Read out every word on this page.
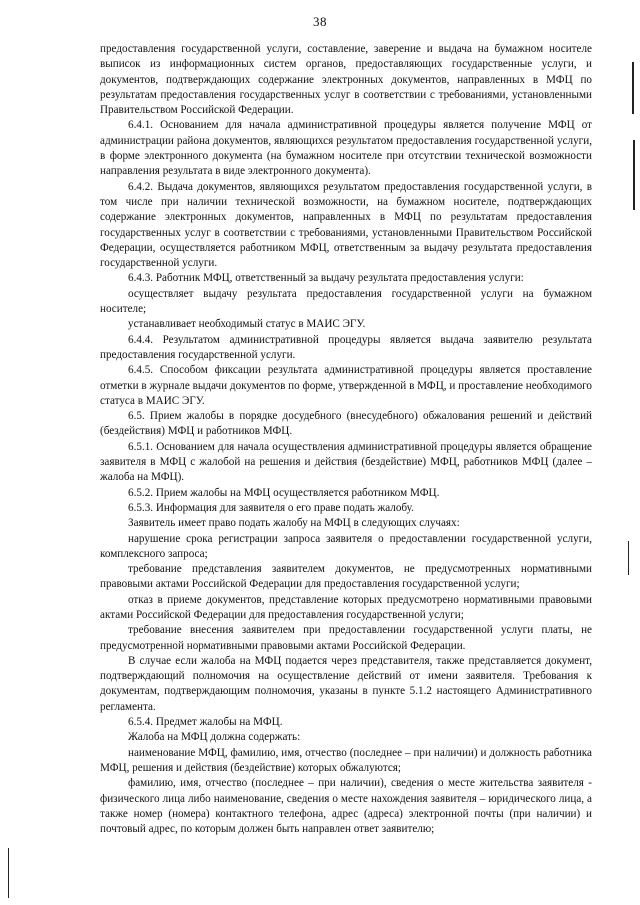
38

предоставления государственной услуги, составление, заверение и выдача на бумажном носителе выписок из информационных систем органов, предоставляющих государственные услуги, и документов, подтверждающих содержание электронных документов, направленных в МФЦ по результатам предоставления государственных услуг в соответствии с требованиями, установленными Правительством Российской Федерации.

6.4.1. Основанием для начала административной процедуры является получение МФЦ от администрации района документов, являющихся результатом предоставления государственной услуги, в форме электронного документа (на бумажном носителе при отсутствии технической возможности направления результата в виде электронного документа).

6.4.2. Выдача документов, являющихся результатом предоставления государственной услуги, в том числе при наличии технической возможности, на бумажном носителе, подтверждающих содержание электронных документов, направленных в МФЦ по результатам предоставления государственных услуг в соответствии с требованиями, установленными Правительством Российской Федерации, осуществляется работником МФЦ, ответственным за выдачу результата предоставления государственной услуги.

6.4.3. Работник МФЦ, ответственный за выдачу результата предоставления услуги:

осуществляет выдачу результата предоставления государственной услуги на бумажном носителе;

устанавливает необходимый статус в МАИС ЭГУ.

6.4.4. Результатом административной процедуры является выдача заявителю результата предоставления государственной услуги.

6.4.5. Способом фиксации результата административной процедуры является проставление отметки в журнале выдачи документов по форме, утвержденной в МФЦ, и проставление необходимого статуса в МАИС ЭГУ.

6.5. Прием жалобы в порядке досудебного (внесудебного) обжалования решений и действий (бездействия) МФЦ и работников МФЦ.

6.5.1. Основанием для начала осуществления административной процедуры является обращение заявителя в МФЦ с жалобой на решения и действия (бездействие) МФЦ, работников МФЦ (далее – жалоба на МФЦ).

6.5.2. Прием жалобы на МФЦ осуществляется работником МФЦ.

6.5.3. Информация для заявителя о его праве подать жалобу.

Заявитель имеет право подать жалобу на МФЦ в следующих случаях:

нарушение срока регистрации запроса заявителя о предоставлении государственной услуги, комплексного запроса;

требование представления заявителем документов, не предусмотренных нормативными правовыми актами Российской Федерации для предоставления государственной услуги;

отказ в приеме документов, представление которых предусмотрено нормативными правовыми актами Российской Федерации для предоставления государственной услуги;

требование внесения заявителем при предоставлении государственной услуги платы, не предусмотренной нормативными правовыми актами Российской Федерации.

В случае если жалоба на МФЦ подается через представителя, также представляется документ, подтверждающий полномочия на осуществление действий от имени заявителя. Требования к документам, подтверждающим полномочия, указаны в пункте 5.1.2 настоящего Административного регламента.

6.5.4. Предмет жалобы на МФЦ.

Жалоба на МФЦ должна содержать:

наименование МФЦ, фамилию, имя, отчество (последнее – при наличии) и должность работника МФЦ, решения и действия (бездействие) которых обжалуются;

фамилию, имя, отчество (последнее – при наличии), сведения о месте жительства заявителя - физического лица либо наименование, сведения о месте нахождения заявителя – юридического лица, а также номер (номера) контактного телефона, адрес (адреса) электронной почты (при наличии) и почтовый адрес, по которым должен быть направлен ответ заявителю;
